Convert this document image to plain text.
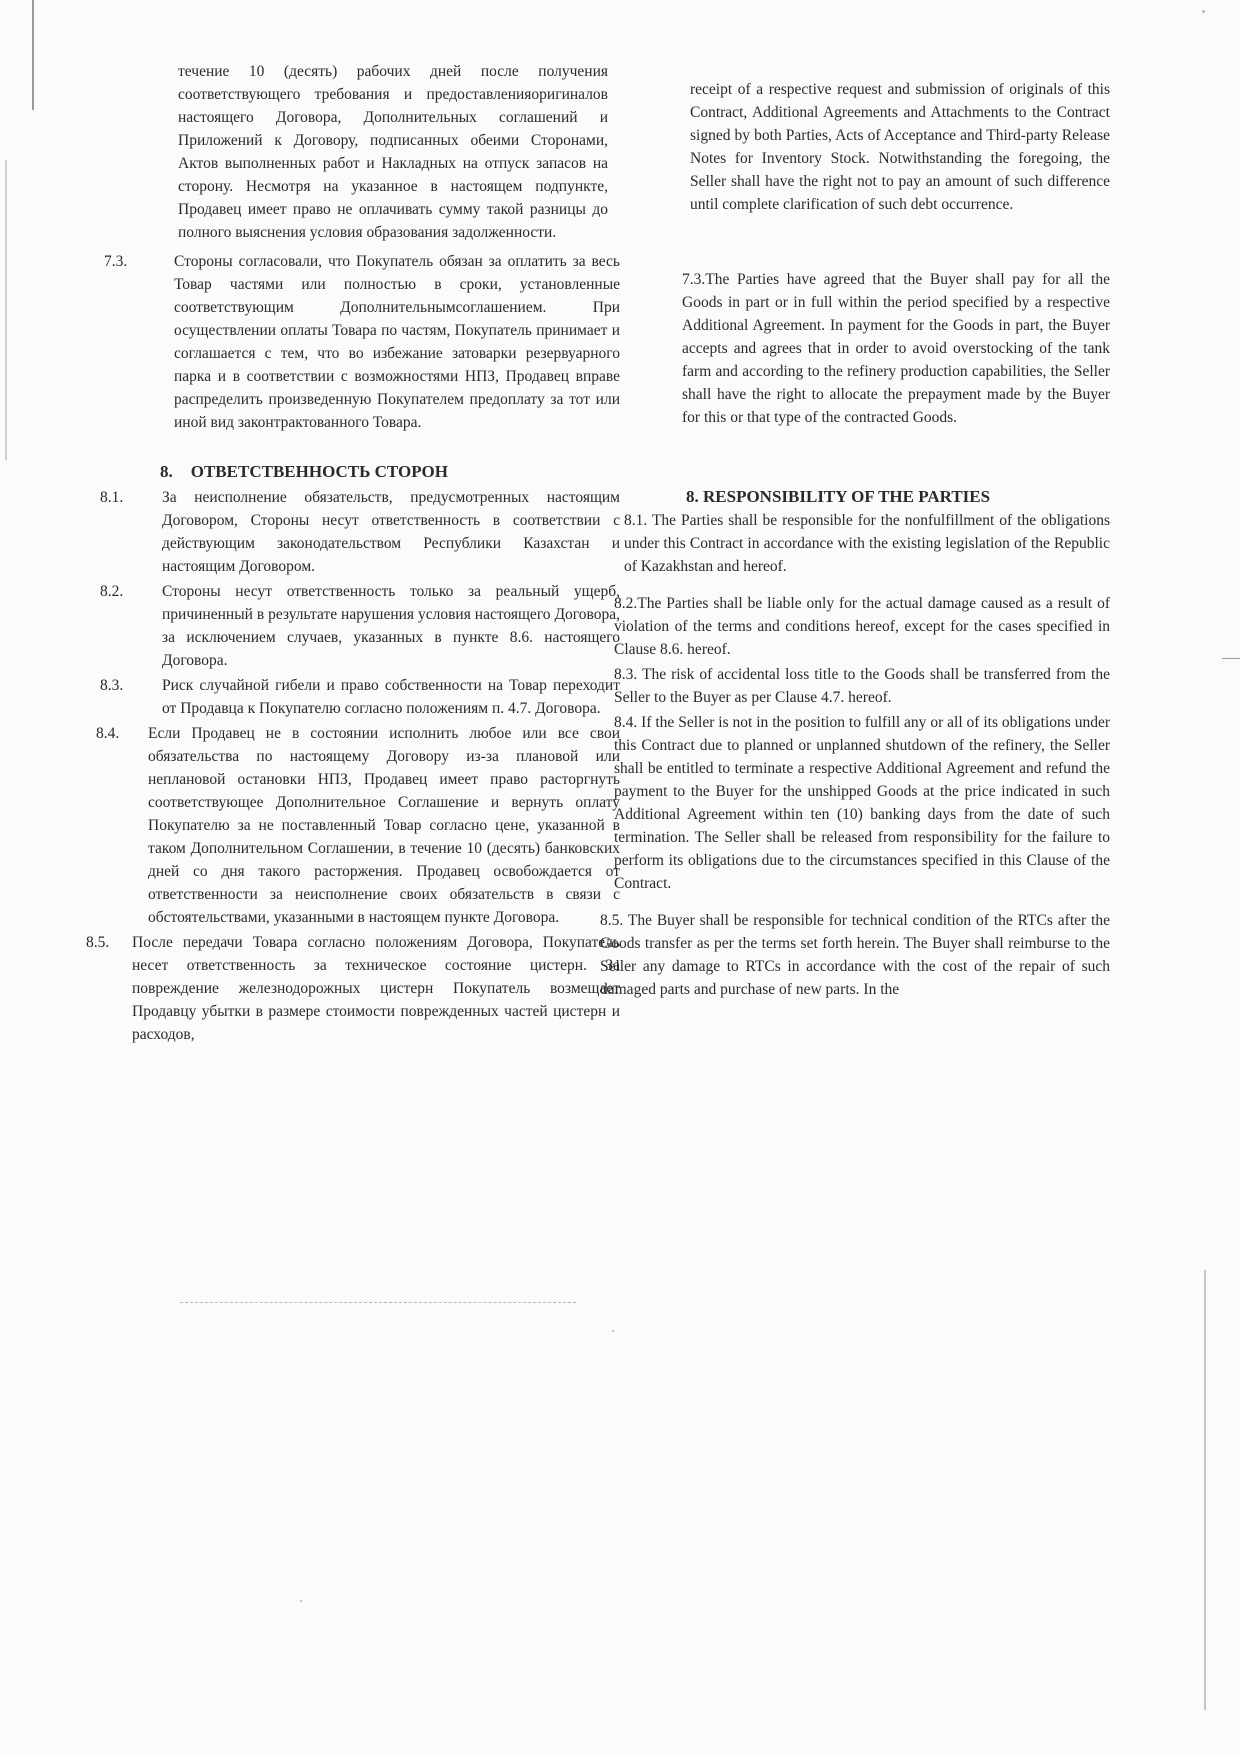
течение 10 (десять) рабочих дней после получения соответствующего требования и предоставленияоригиналов настоящего Договора, Дополнительных соглашений и Приложений к Договору, подписанных обеими Сторонами, Актов выполненных работ и Накладных на отпуск запасов на сторону. Несмотря на указанное в настоящем подпункте, Продавец имеет право не оплачивать сумму такой разницы до полного выяснения условия образования задолженности.

7.3.	Стороны согласовали, что Покупатель обязан за оплатить за весь Товар частями или полностью в сроки, установленные соответствующим Дополнительнымсоглашением. При осуществлении оплаты Товара по частям, Покупатель принимает и соглашается с тем, что во избежание затоварки резервуарного парка и в соответствии с возможностями НПЗ, Продавец вправе распределить произведенную Покупателем предоплату за тот или иной вид законтрактованного Товара.

8. ОТВЕТСТВЕННОСТЬ СТОРОН

8.1.	За неисполнение обязательств, предусмотренных настоящим Договором, Стороны несут ответственность в соответствии с действующим законодательством Республики Казахстан и настоящим Договором.

8.2.	Стороны несут ответственность только за реальный ущерб, причиненный в результате нарушения условия настоящего Договора, за исключением случаев, указанных в пункте 8.6. настоящего Договора.

8.3.	Риск случайной гибели и право собственности на Товар переходит от Продавца к Покупателю согласно положениям п. 4.7. Договора.

8.4.	Если Продавец не в состоянии исполнить любое или все свои обязательства по настоящему Договору из-за плановой или неплановой остановки НПЗ, Продавец имеет право расторгнуть соответствующее Дополнительное Соглашение и вернуть оплату Покупателю за не поставленный Товар согласно цене, указанной в таком Дополнительном Соглашении, в течение 10 (десять) банковских дней со дня такого расторжения. Продавец освобождается от ответственности за неисполнение своих обязательств в связи с обстоятельствами, указанными в настоящем пункте Договора.

8.5.	После передачи Товара согласно положениям Договора, Покупатель несет ответственность за техническое состояние цистерн. За повреждение железнодорожных цистерн Покупатель возмещает Продавцу убытки в размере стоимости поврежденных частей цистерн и расходов,

receipt of a respective request and submission of originals of this Contract, Additional Agreements and Attachments to the Contract signed by both Parties, Acts of Acceptance and Third-party Release Notes for Inventory Stock. Notwithstanding the foregoing, the Seller shall have the right not to pay an amount of such difference until complete clarification of such debt occurrence.

7.3.The Parties have agreed that the Buyer shall pay for all the Goods in part or in full within the period specified by a respective Additional Agreement. In payment for the Goods in part, the Buyer accepts and agrees that in order to avoid overstocking of the tank farm and according to the refinery production capabilities, the Seller shall have the right to allocate the prepayment made by the Buyer for this or that type of the contracted Goods.

8. RESPONSIBILITY OF THE PARTIES

8.1. The Parties shall be responsible for the nonfulfillment of the obligations under this Contract in accordance with the existing legislation of the Republic of Kazakhstan and hereof.

8.2.The Parties shall be liable only for the actual damage caused as a result of violation of the terms and conditions hereof, except for the cases specified in Clause 8.6. hereof.

8.3. The risk of accidental loss title to the Goods shall be transferred from the Seller to the Buyer as per Clause 4.7. hereof.

8.4. If the Seller is not in the position to fulfill any or all of its obligations under this Contract due to planned or unplanned shutdown of the refinery, the Seller shall be entitled to terminate a respective Additional Agreement and refund the payment to the Buyer for the unshipped Goods at the price indicated in such Additional Agreement within ten (10) banking days from the date of such termination. The Seller shall be released from responsibility for the failure to perform its obligations due to the circumstances specified in this Clause of the Contract.

8.5. The Buyer shall be responsible for technical condition of the RTCs after the Goods transfer as per the terms set forth herein. The Buyer shall reimburse to the Seller any damage to RTCs in accordance with the cost of the repair of such damaged parts and purchase of new parts. In the
